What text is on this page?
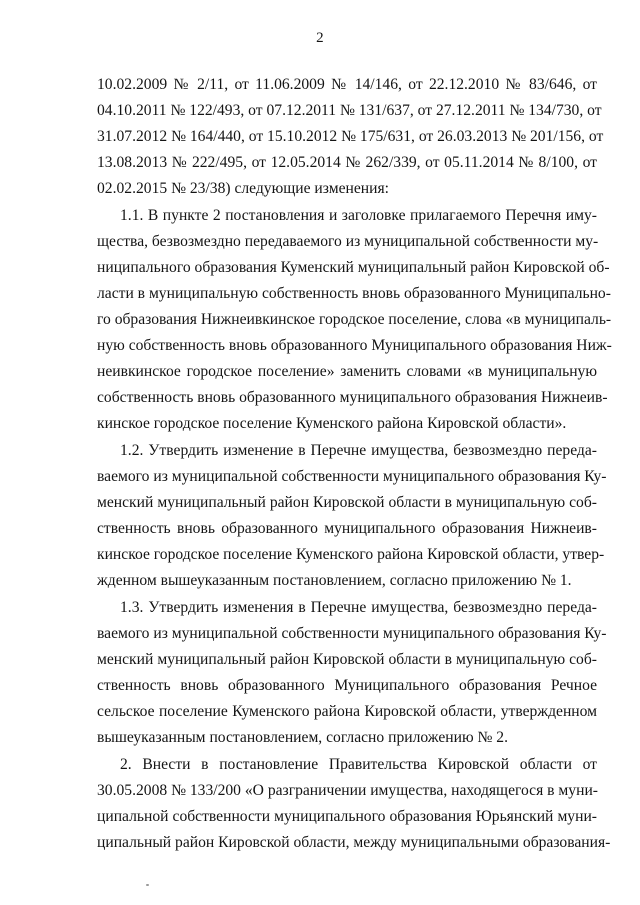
2
10.02.2009 № 2/11, от 11.06.2009 № 14/146, от 22.12.2010 № 83/646, от
04.10.2011 № 122/493, от 07.12.2011 № 131/637, от 27.12.2011 № 134/730, от
31.07.2012 № 164/440, от 15.10.2012 № 175/631, от 26.03.2013 № 201/156, от
13.08.2013 № 222/495, от 12.05.2014 № 262/339, от 05.11.2014 № 8/100, от
02.02.2015 № 23/38) следующие изменения:
1.1. В пункте 2 постановления и заголовке прилагаемого Перечня иму-
щества, безвозмездно передаваемого из муниципальной собственности му-
ниципального образования Куменский муниципальный район Кировской об-
ласти в муниципальную собственность вновь образованного Муниципально-
го образования Нижнеивкинское городское поселение, слова «в муниципаль-
ную собственность вновь образованного Муниципального образования Ниж-
неивкинское городское поселение» заменить словами «в муниципальную
собственность вновь образованного муниципального образования Нижнеив-
кинское городское поселение Куменского района Кировской области».
1.2. Утвердить изменение в Перечне имущества, безвозмездно переда-
ваемого из муниципальной собственности муниципального образования Ку-
менский муниципальный район Кировской области в муниципальную соб-
ственность вновь образованного муниципального образования Нижнеив-
кинское городское поселение Куменского района Кировской области, утвер-
жденном вышеуказанным постановлением, согласно приложению № 1.
1.3. Утвердить изменения в Перечне имущества, безвозмездно переда-
ваемого из муниципальной собственности муниципального образования Ку-
менский муниципальный район Кировской области в муниципальную соб-
ственность вновь образованного Муниципального образования Речное
сельское поселение Куменского района Кировской области, утвержденном
вышеуказанным постановлением, согласно приложению № 2.
2. Внести в постановление Правительства Кировской области от
30.05.2008 № 133/200 «О разграничении имущества, находящегося в муни-
ципальной собственности муниципального образования Юрьянский муни-
ципальный район Кировской области, между муниципальными образования-
